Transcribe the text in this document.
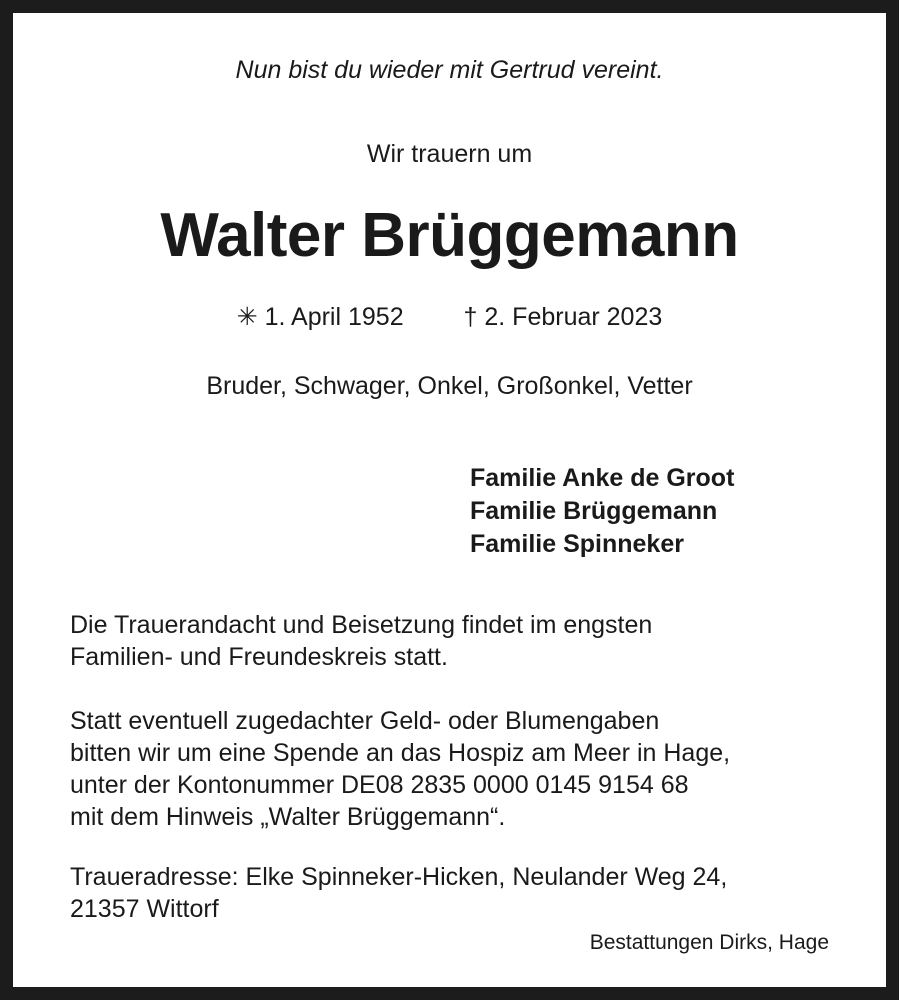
Nun bist du wieder mit Gertrud vereint.
Wir trauern um
Walter Brüggemann
✳ 1. April 1952 † 2. Februar 2023
Bruder, Schwager, Onkel, Großonkel, Vetter
Familie Anke de Groot
Familie Brüggemann
Familie Spinneker
Die Trauerandacht und Beisetzung findet im engsten
Familien- und Freundeskreis statt.
Statt eventuell zugedachter Geld- oder Blumengaben
bitten wir um eine Spende an das Hospiz am Meer in Hage,
unter der Kontonummer DE08 2835 0000 0145 9154 68
mit dem Hinweis „Walter Brüggemann“.
Traueradresse: Elke Spinneker-Hicken, Neulander Weg 24,
21357 Wittorf
Bestattungen Dirks, Hage
